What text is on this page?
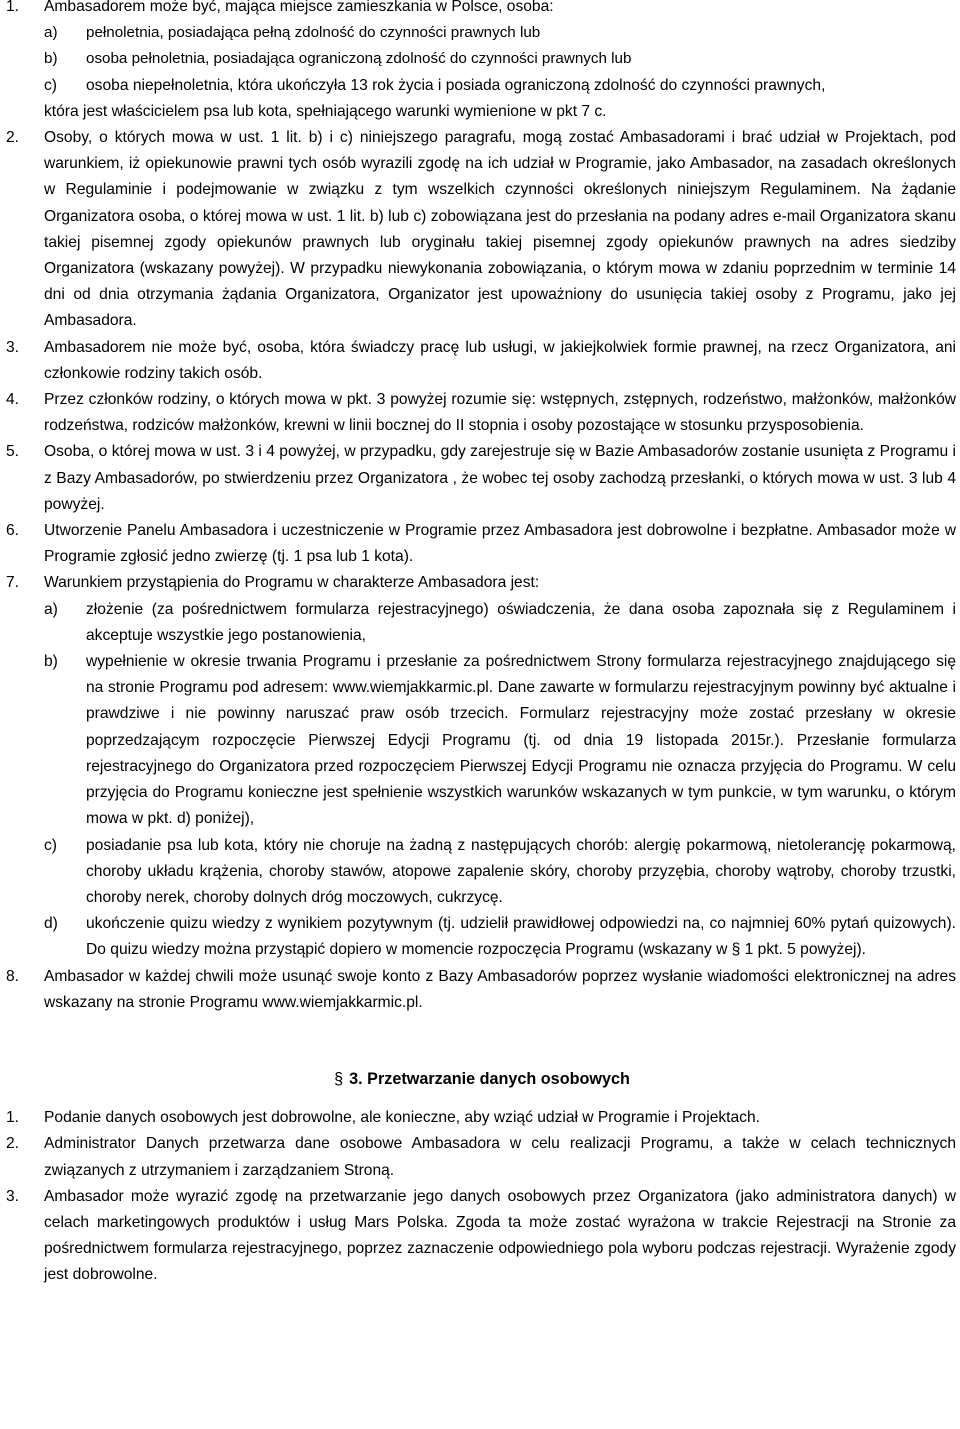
1. Ambasadorem może być, mająca miejsce zamieszkania w Polsce, osoba:

a) pełnoletnia, posiadająca pełną zdolność do czynności prawnych lub
b) osoba pełnoletnia, posiadająca ograniczoną zdolność do czynności prawnych lub
c) osoba niepełnoletnia, która ukończyła 13 rok życia i posiada ograniczoną zdolność do czynności prawnych,

która jest właścicielem psa lub kota, spełniającego warunki wymienione w pkt 7 c.

2. Osoby, o których mowa w ust. 1 lit. b) i c) niniejszego paragrafu, mogą zostać Ambasadorami i brać udział w Projektach, pod warunkiem, iż opiekunowie prawni tych osób wyrazili zgodę na ich udział w Programie, jako Ambasador, na zasadach określonych w Regulaminie i podejmowanie w związku z tym wszelkich czynności określonych niniejszym Regulaminem. Na żądanie Organizatora osoba, o której mowa w ust. 1 lit. b) lub c) zobowiązana jest do przesłania na podany adres e-mail Organizatora skanu takiej pisemnej zgody opiekunów prawnych lub oryginału takiej pisemnej zgody opiekunów prawnych na adres siedziby Organizatora (wskazany powyżej). W przypadku niewykonania zobowiązania, o którym mowa w zdaniu poprzednim w terminie 14 dni od dnia otrzymania żądania Organizatora, Organizator jest upoważniony do usunięcia takiej osoby z Programu, jako jej Ambasadora.

3. Ambasadorem nie może być, osoba, która świadczy pracę lub usługi, w jakiejkolwiek formie prawnej, na rzecz Organizatora, ani członkowie rodziny takich osób.

4. Przez członków rodziny, o których mowa w pkt. 3 powyżej rozumie się: wstępnych, zstępnych, rodzeństwo, małżonków, małżonków rodzeństwa, rodziców małżonków, krewni w linii bocznej do II stopnia i osoby pozostające w stosunku przysposobienia.

5. Osoba, o której mowa w ust. 3 i 4 powyżej, w przypadku, gdy zarejestruje się w Bazie Ambasadorów zostanie usunięta z Programu i z Bazy Ambasadorów, po stwierdzeniu przez Organizatora , że wobec tej osoby zachodzą przesłanki, o których mowa w ust. 3 lub 4 powyżej.

6. Utworzenie Panelu Ambasadora i uczestniczenie w Programie przez Ambasadora jest dobrowolne i bezpłatne. Ambasador może w Programie zgłosić jedno zwierzę (tj. 1 psa lub 1 kota).

7. Warunkiem przystąpienia do Programu w charakterze Ambasadora jest:

a) złożenie (za pośrednictwem formularza rejestracyjnego) oświadczenia, że dana osoba zapoznała się z Regulaminem i akceptuje wszystkie jego postanowienia,
b) wypełnienie w okresie trwania Programu i przesłanie za pośrednictwem Strony formularza rejestracyjnego znajdującego się na stronie Programu pod adresem: www.wiemjakkarmic.pl. Dane zawarte w formularzu rejestracyjnym powinny być aktualne i prawdziwe i nie powinny naruszać praw osób trzecich. Formularz rejestracyjny może zostać przesłany w okresie poprzedzającym rozpoczęcie Pierwszej Edycji Programu (tj. od dnia 19 listopada 2015r.). Przesłanie formularza rejestracyjnego do Organizatora przed rozpoczęciem Pierwszej Edycji Programu nie oznacza przyjęcia do Programu. W celu przyjęcia do Programu konieczne jest spełnienie wszystkich warunków wskazanych w tym punkcie, w tym warunku, o którym mowa w pkt. d) poniżej),
c) posiadanie psa lub kota, który nie choruje na żadną z następujących chorób: alergię pokarmową, nietolerancję pokarmową, choroby układu krążenia, choroby stawów, atopowe zapalenie skóry, choroby przyzębia, choroby wątroby, choroby trzustki, choroby nerek, choroby dolnych dróg moczowych, cukrzycę.
d) ukończenie quizu wiedzy z wynikiem pozytywnym (tj. udzielił prawidłowej odpowiedzi na, co najmniej 60% pytań quizowych). Do quizu wiedzy można przystąpić dopiero w momencie rozpoczęcia Programu (wskazany w § 1 pkt. 5 powyżej).
8. Ambasador w każdej chwili może usunąć swoje konto z Bazy Ambasadorów poprzez wysłanie wiadomości elektronicznej na adres wskazany na stronie Programu www.wiemjakkarmic.pl.

§ 3. Przetwarzanie danych osobowych
1. Podanie danych osobowych jest dobrowolne, ale konieczne, aby wziąć udział w Programie i Projektach.

2. Administrator Danych przetwarza dane osobowe Ambasadora w celu realizacji Programu, a także w celach technicznych związanych z utrzymaniem i zarządzaniem Stroną.

3. Ambasador może wyrazić zgodę na przetwarzanie jego danych osobowych przez Organizatora (jako administratora danych) w celach marketingowych produktów i usług Mars Polska. Zgoda ta może zostać wyrażona w trakcie Rejestracji na Stronie za pośrednictwem formularza rejestracyjnego, poprzez zaznaczenie odpowiedniego pola wyboru podczas rejestracji. Wyrażenie zgody jest dobrowolne.
